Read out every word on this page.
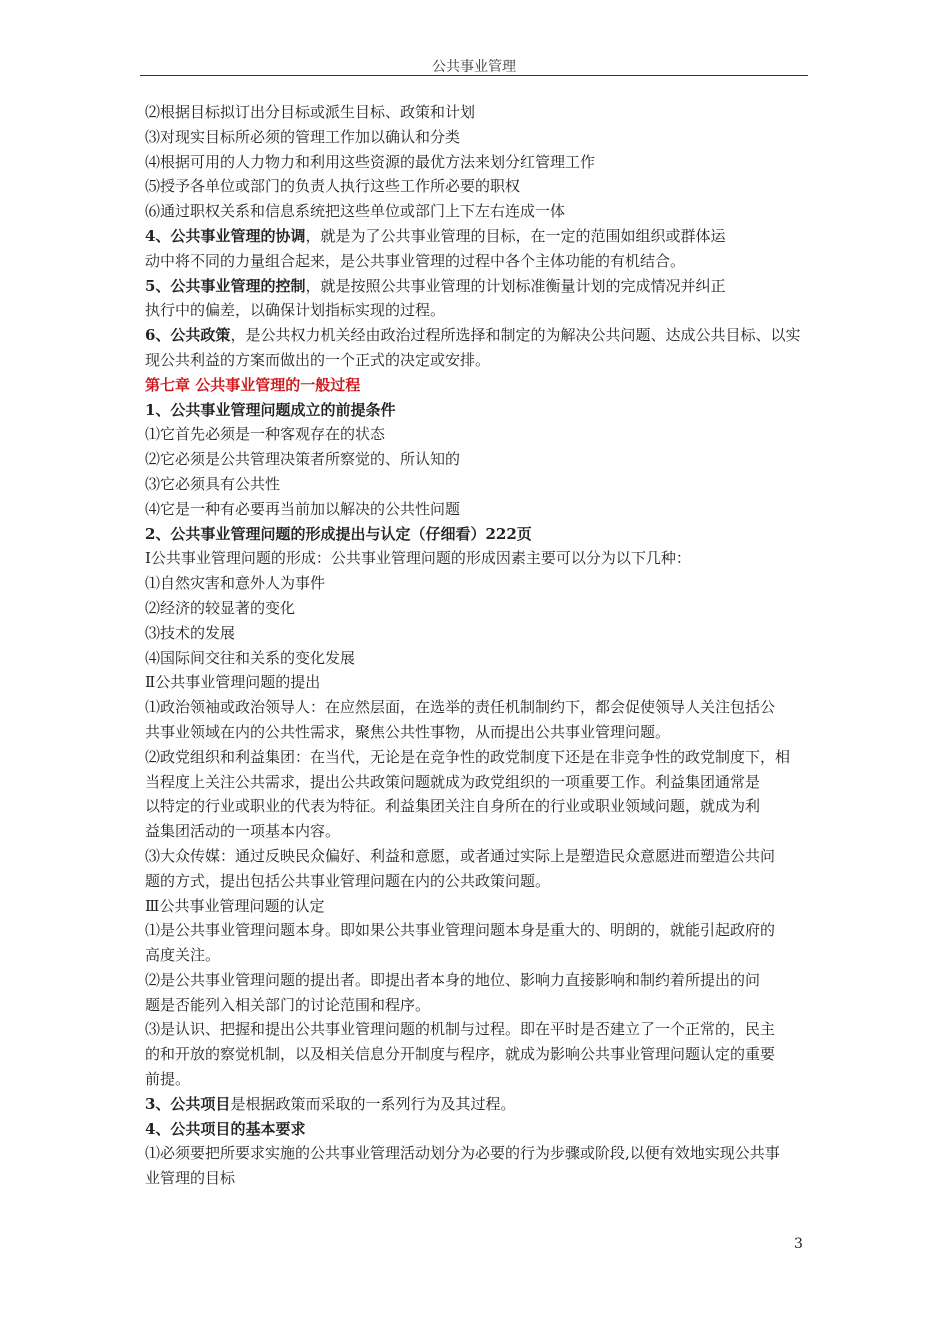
公共事业管理
⑵根据目标拟订出分目标或派生目标、政策和计划
⑶对现实目标所必须的管理工作加以确认和分类
⑷根据可用的人力物力和利用这些资源的最优方法来划分红管理工作
⑸授予各单位或部门的负责人执行这些工作所必要的职权
⑹通过职权关系和信息系统把这些单位或部门上下左右连成一体
4、公共事业管理的协调，就是为了公共事业管理的目标，在一定的范围如组织或群体运
动中将不同的力量组合起来，是公共事业管理的过程中各个主体功能的有机结合。
5、公共事业管理的控制，就是按照公共事业管理的计划标准衡量计划的完成情况并纠正
执行中的偏差，以确保计划指标实现的过程。
6、公共政策，是公共权力机关经由政治过程所选择和制定的为解决公共问题、达成公共目标、以实
现公共利益的方案而做出的一个正式的决定或安排。
第七章 公共事业管理的一般过程
1、公共事业管理问题成立的前提条件
⑴它首先必须是一种客观存在的状态
⑵它必须是公共管理决策者所察觉的、所认知的
⑶它必须具有公共性
⑷它是一种有必要再当前加以解决的公共性问题
2、公共事业管理问题的形成提出与认定（仔细看）222页
Ⅰ公共事业管理问题的形成：公共事业管理问题的形成因素主要可以分为以下几种：
⑴自然灾害和意外人为事件
⑵经济的较显著的变化
⑶技术的发展
⑷国际间交往和关系的变化发展
Ⅱ公共事业管理问题的提出
⑴政治领袖或政治领导人：在应然层面，在选举的责任机制制约下，都会促使领导人关注包括公
共事业领域在内的公共性需求，聚焦公共性事物，从而提出公共事业管理问题。
⑵政党组织和利益集团：在当代，无论是在竞争性的政党制度下还是在非竞争性的政党制度下，相
当程度上关注公共需求，提出公共政策问题就成为政党组织的一项重要工作。利益集团通常是
以特定的行业或职业的代表为特征。利益集团关注自身所在的行业或职业领域问题，就成为利
益集团活动的一项基本内容。
⑶大众传媒：通过反映民众偏好、利益和意愿，或者通过实际上是塑造民众意愿进而塑造公共问
题的方式，提出包括公共事业管理问题在内的公共政策问题。
Ⅲ公共事业管理问题的认定
⑴是公共事业管理问题本身。即如果公共事业管理问题本身是重大的、明朗的，就能引起政府的
高度关注。
⑵是公共事业管理问题的提出者。即提出者本身的地位、影响力直接影响和制约着所提出的问
题是否能列入相关部门的讨论范围和程序。
⑶是认识、把握和提出公共事业管理问题的机制与过程。即在平时是否建立了一个正常的，民主
的和开放的察觉机制，以及相关信息分开制度与程序，就成为影响公共事业管理问题认定的重要
前提。
3、公共项目是根据政策而采取的一系列行为及其过程。
4、公共项目的基本要求
⑴必须要把所要求实施的公共事业管理活动划分为必要的行为步骤或阶段,以便有效地实现公共事
业管理的目标
3
